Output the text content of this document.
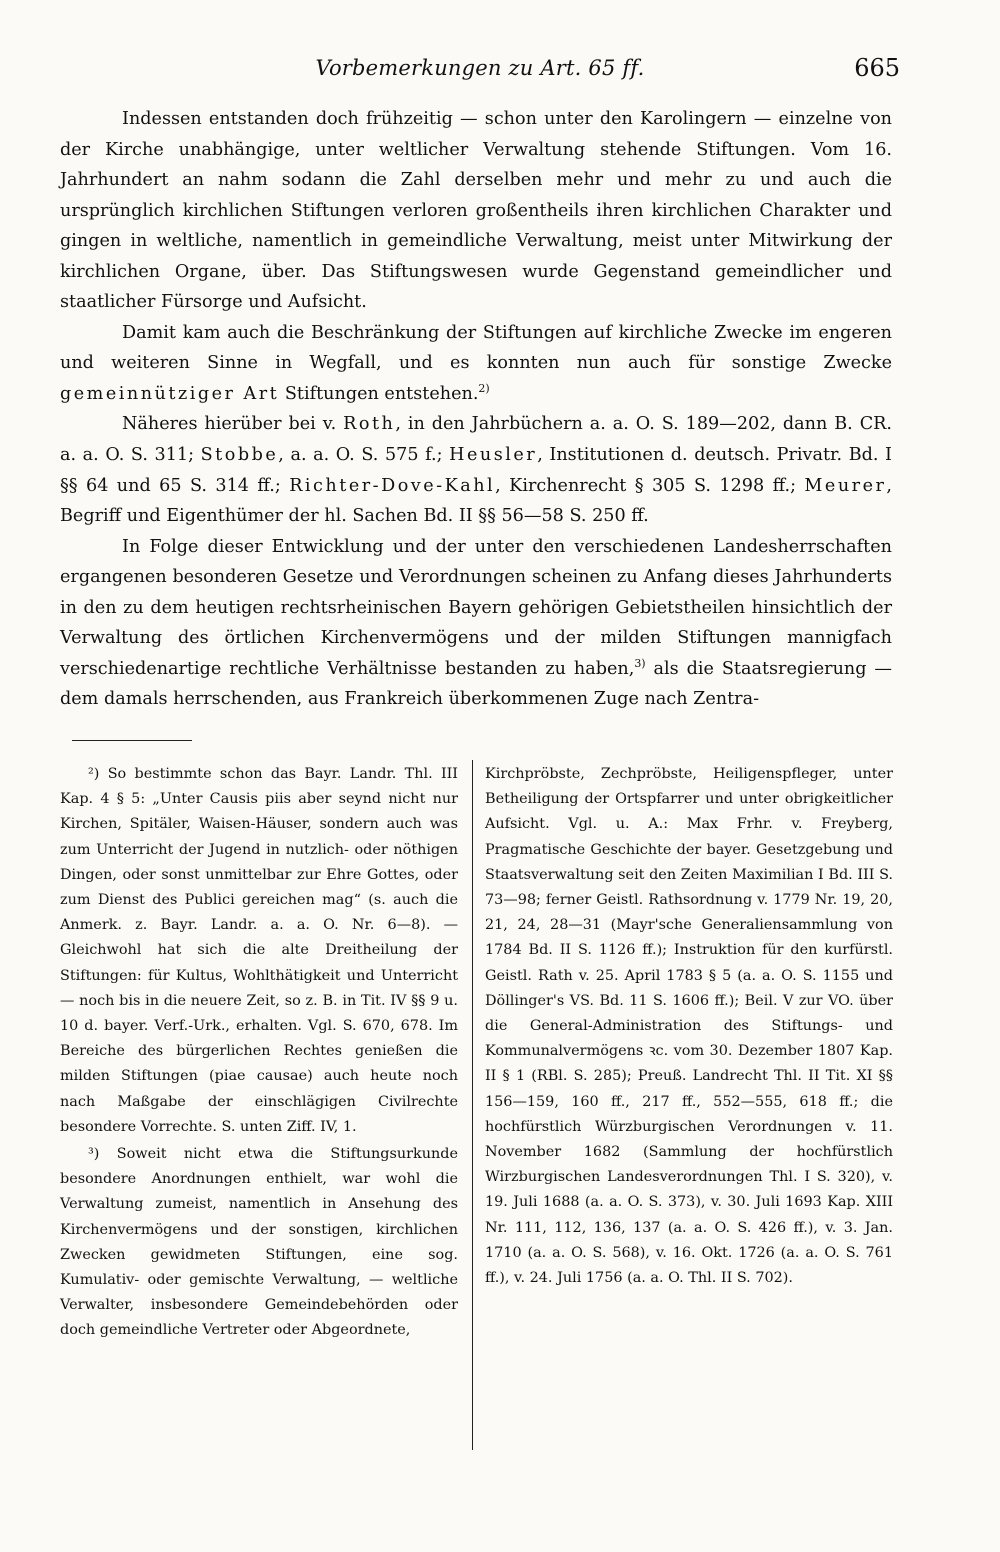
Vorbemerkungen zu Art. 65 ff.	665

Indessen entstanden doch frühzeitig — schon unter den Karolingern — einzelne von der Kirche unabhängige, unter weltlicher Verwaltung stehende Stiftungen. Vom 16. Jahrhundert an nahm sodann die Zahl derselben mehr und mehr zu und auch die ursprünglich kirchlichen Stiftungen verloren großentheils ihren kirchlichen Charakter und gingen in weltliche, namentlich in gemeindliche Verwaltung, meist unter Mitwirkung der kirchlichen Organe, über. Das Stiftungswesen wurde Gegenstand gemeindlicher und staatlicher Fürsorge und Aufsicht.

Damit kam auch die Beschränkung der Stiftungen auf kirchliche Zwecke im engeren und weiteren Sinne in Wegfall, und es konnten nun auch für sonstige Zwecke gemeinnütziger Art Stiftungen entstehen.$^{2)}$

Näheres hierüber bei v. Roth, in den Jahrbüchern a. a. O. S. 189—202, dann B. CR. a. a. O. S. 311; Stobbe, a. a. O. S. 575 f.; Heusler, Institutionen d. deutsch. Privatr. Bd. I §§ 64 und 65 S. 314 ff.; Richter-Dove-Kahl, Kirchenrecht § 305 S. 1298 ff.; Meurer, Begriff und Eigenthümer der hl. Sachen Bd. II §§ 56—58 S. 250 ff.

In Folge dieser Entwicklung und der unter den verschiedenen Landesherrschaften ergangenen besonderen Gesetze und Verordnungen scheinen zu Anfang dieses Jahrhunderts in den zu dem heutigen rechtsrheinischen Bayern gehörigen Gebietstheilen hinsichtlich der Verwaltung des örtlichen Kirchenvermögens und der milden Stiftungen mannigfach verschiedenartige rechtliche Verhältnisse bestanden zu haben,$^{3)}$ als die Staatsregierung — dem damals herrschenden, aus Frankreich überkommenen Zuge nach Zentra-

²) So bestimmte schon das Bayr. Landr. Thl. III Kap. 4 § 5: „Unter Causis piis aber seynd nicht nur Kirchen, Spitäler, Waisen-Häuser, sondern auch was zum Unterricht der Jugend in nutzlich- oder nöthigen Dingen, oder sonst unmittelbar zur Ehre Gottes, oder zum Dienst des Publici gereichen mag“ (s. auch die Anmerk. z. Bayr. Landr. a. a. O. Nr. 6—8). — Gleichwohl hat sich die alte Dreitheilung der Stiftungen: für Kultus, Wohlthätigkeit und Unterricht — noch bis in die neuere Zeit, so z. B. in Tit. IV §§ 9 u. 10 d. bayer. Verf.-Urk., erhalten. Vgl. S. 670, 678. Im Bereiche des bürgerlichen Rechtes genießen die milden Stiftungen (piae causae) auch heute noch nach Maßgabe der einschlägigen Civilrechte besondere Vorrechte. S. unten Ziff. IV, 1.

³) Soweit nicht etwa die Stiftungsurkunde besondere Anordnungen enthielt, war wohl die Verwaltung zumeist, namentlich in Ansehung des Kirchenvermögens und der sonstigen, kirchlichen Zwecken gewidmeten Stiftungen, eine sog. Kumulativ- oder gemischte Verwaltung, — weltliche Verwalter, insbesondere Gemeindebehörden oder doch gemeindliche Vertreter oder Abgeordnete,

Kirchpröbste, Zechpröbste, Heiligenspfleger, unter Betheiligung der Ortspfarrer und unter obrigkeitlicher Aufsicht. Vgl. u. A.: Max Frhr. v. Freyberg, Pragmatische Geschichte der bayer. Gesetzgebung und Staatsverwaltung seit den Zeiten Maximilian I Bd. III S. 73—98; ferner Geistl. Rathsordnung v. 1779 Nr. 19, 20, 21, 24, 28—31 (Mayr'sche Generaliensammlung von 1784 Bd. II S. 1126 ff.); Instruktion für den kurfürstl. Geistl. Rath v. 25. April 1783 § 5 (a. a. O. S. 1155 und Döllinger's VS. Bd. 11 S. 1606 ff.); Beil. V zur VO. über die General-Administration des Stiftungs- und Kommunalvermögens ꝛc. vom 30. Dezember 1807 Kap. II § 1 (RBl. S. 285); Preuß. Landrecht Thl. II Tit. XI §§ 156—159, 160 ff., 217 ff., 552—555, 618 ff.; die hochfürstlich Würzburgischen Verordnungen v. 11. November 1682 (Sammlung der hochfürstlich Wirzburgischen Landesverordnungen Thl. I S. 320), v. 19. Juli 1688 (a. a. O. S. 373), v. 30. Juli 1693 Kap. XIII Nr. 111, 112, 136, 137 (a. a. O. S. 426 ff.), v. 3. Jan. 1710 (a. a. O. S. 568), v. 16. Okt. 1726 (a. a. O. S. 761 ff.), v. 24. Juli 1756 (a. a. O. Thl. II S. 702).
